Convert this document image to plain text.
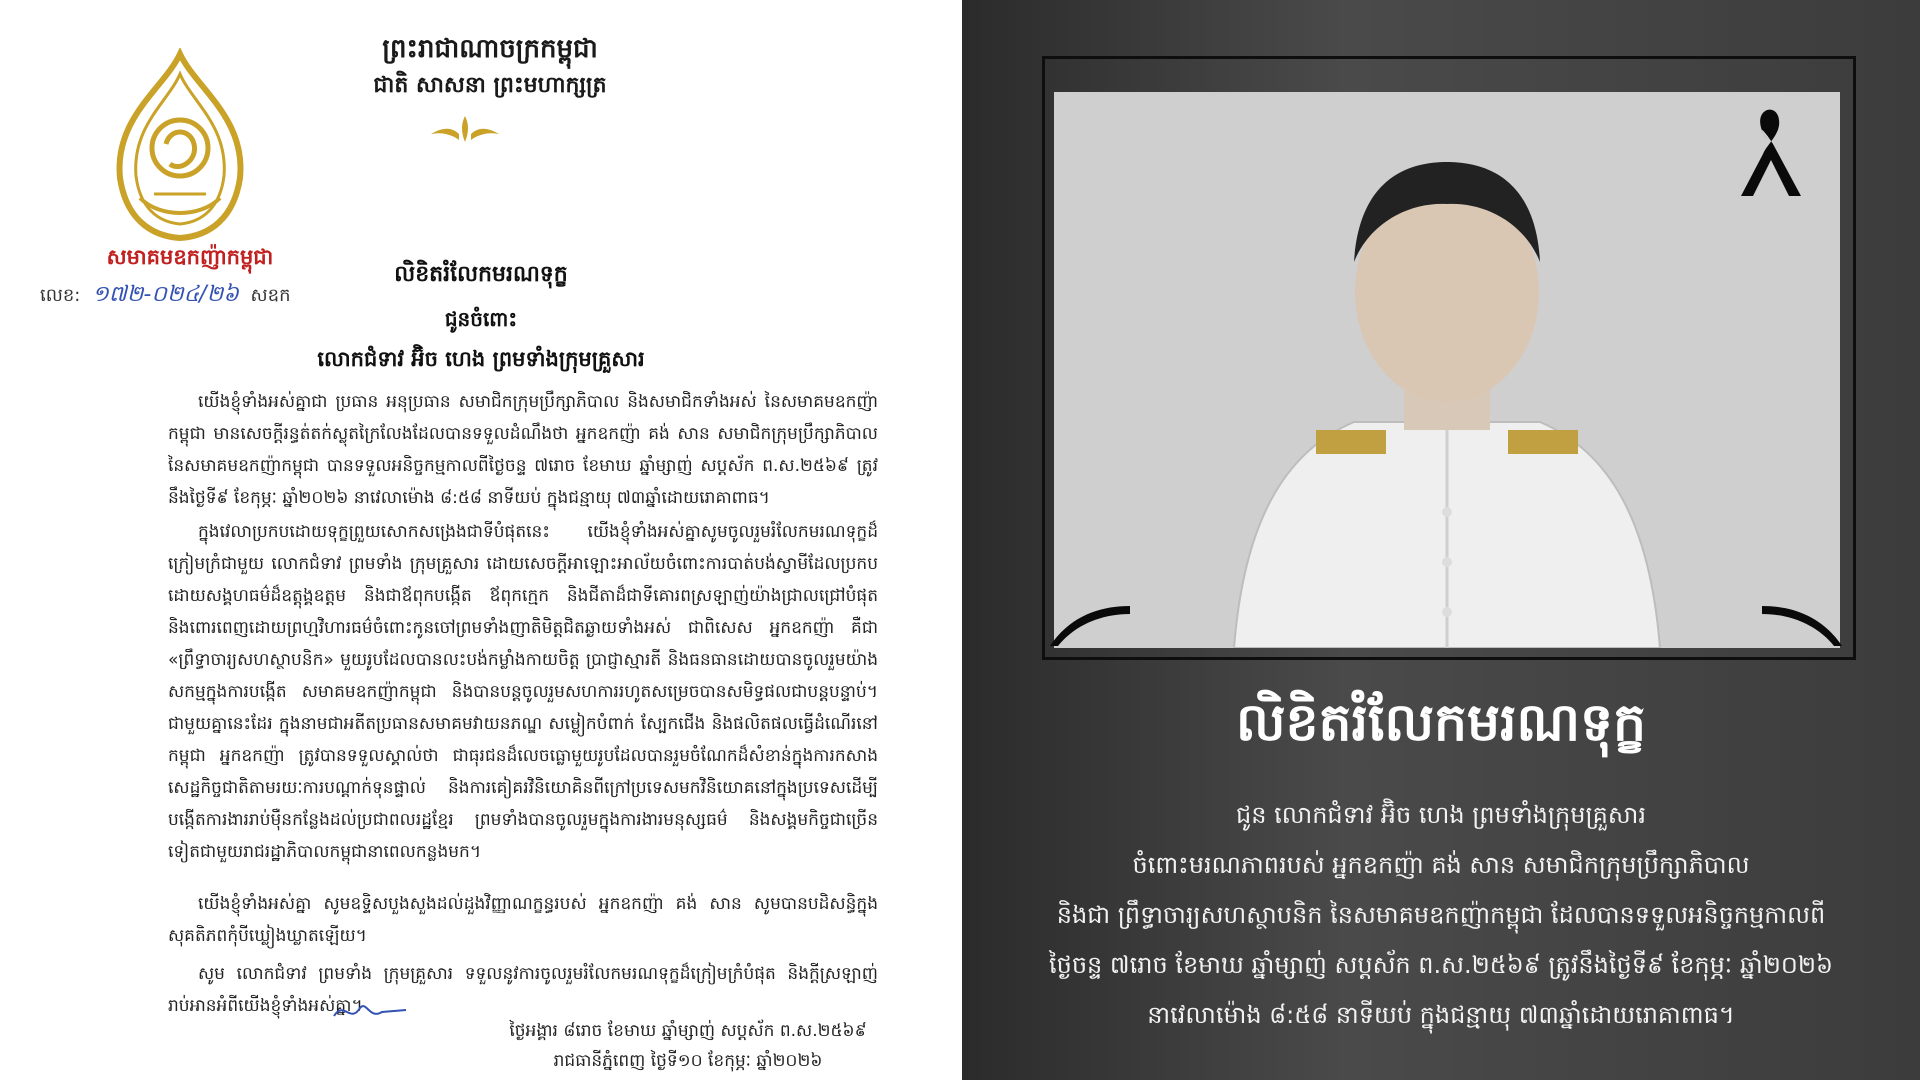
ព្រះរាជាណាចក្រកម្ពុជា
ជាតិ សាសនា ព្រះមហាក្សត្រ
សមាគមឧកញ៉ាកម្ពុជា
លេខ: ១៧២-០២៤/២៦ សឧក
លិខិតរំលែកមរណទុក្ខ
ជូនចំពោះ
លោកជំទាវ អ៊ិច ហេង ព្រមទាំងក្រុមគ្រួសារ
យើងខ្ញុំទាំងអស់គ្នាជា ប្រធាន អនុប្រធាន សមាជិកក្រុមប្រឹក្សាភិបាល និងសមាជិកទាំងអស់ នៃសមាគមឧកញ៉ាកម្ពុជា មានសេចក្តីរន្ធត់តក់ស្លុតក្រៃលែងដែលបានទទួលដំណឹងថា អ្នកឧកញ៉ា គង់ សាន សមាជិកក្រុមប្រឹក្សាភិបាល នៃសមាគមឧកញ៉ាកម្ពុជា បានទទួលអនិច្ចកម្មកាលពីថ្ងៃចន្ទ ៧រោច ខែមាឃ ឆ្នាំម្សាញ់ សប្តស័ក ព.ស.២៥៦៩ ត្រូវនឹងថ្ងៃទី៩ ខែកុម្ភៈ ឆ្នាំ២០២៦ នាវេលាម៉ោង ៨:៥៨ នាទីយប់ ក្នុងជន្មាយុ ៧៣ឆ្នាំដោយរោគាពាធ។
ក្នុងវេលាប្រកបដោយទុក្ខព្រួយសោកសង្រេងជាទីបំផុតនេះ យើងខ្ញុំទាំងអស់គ្នាសូមចូលរួមរំលែកមរណទុក្ខដ៏ក្រៀមក្រំជាមួយ លោកជំទាវ ព្រមទាំង ក្រុមគ្រួសារ ដោយសេចក្តីអាឡោះអាល័យចំពោះការបាត់បង់ស្វាមីដែលប្រកបដោយសង្គហធម៌ដ៏ឧត្តុង្គឧត្តម និងជាឪពុកបង្កើត ឪពុកក្មេក និងជីតាដ៏ជាទីគោរពស្រឡាញ់យ៉ាងជ្រាលជ្រៅបំផុត និងពោរពេញដោយព្រហ្មវិហារធម៌ចំពោះកូនចៅព្រមទាំងញាតិមិត្តជិតឆ្ងាយទាំងអស់ ជាពិសេស អ្នកឧកញ៉ា គឺជា «ព្រឹទ្ធាចារ្យសហស្ថាបនិក» មួយរូបដែលបានលះបង់កម្លាំងកាយចិត្ត ប្រាជ្ញាស្មារតី និងធនធានដោយបានចូលរួមយ៉ាងសកម្មក្នុងការបង្កើត សមាគមឧកញ៉ាកម្ពុជា និងបានបន្តចូលរួមសហការរហូតសម្រេចបានសមិទ្ធផលជាបន្តបន្ទាប់។ ជាមួយគ្នានេះដែរ ក្នុងនាមជាអតីតប្រធានសមាគមវាយនភណ្ឌ សម្លៀកបំពាក់ ស្បែកជើង និងផលិតផលធ្វើដំណើរនៅកម្ពុជា អ្នកឧកញ៉ា ត្រូវបានទទួលស្គាល់ថា ជាធុរជនដ៏លេចធ្លោមួយរូបដែលបានរួមចំណែកដ៏សំខាន់ក្នុងការកសាងសេដ្ឋកិច្ចជាតិតាមរយៈការបណ្តាក់ទុនផ្ទាល់ និងការគៀគរវិនិយោគិនពីក្រៅប្រទេសមកវិនិយោគនៅក្នុងប្រទេសដើម្បីបង្កើតការងាររាប់ម៉ឺនកន្លែងដល់ប្រជាពលរដ្ឋខ្មែរ ព្រមទាំងបានចូលរួមក្នុងការងារមនុស្សធម៌ និងសង្គមកិច្ចជាច្រើនទៀតជាមួយរាជរដ្ឋាភិបាលកម្ពុជានាពេលកន្លងមក។
យើងខ្ញុំទាំងអស់គ្នា សូមឧទ្ទិសបួងសួងដល់ដួងវិញ្ញាណក្ខន្ធរបស់ អ្នកឧកញ៉ា គង់ សាន សូមបានបដិសន្ធិក្នុងសុគតិភពកុំបីឃ្លៀងឃ្លាតឡើយ។
សូម លោកជំទាវ ព្រមទាំង ក្រុមគ្រួសារ ទទួលនូវការចូលរួមរំលែកមរណទុក្ខដ៏ក្រៀមក្រំបំផុត និងក្តីស្រឡាញ់រាប់អានអំពីយើងខ្ញុំទាំងអស់គ្នា។
ថ្ងៃអង្គារ ៨រោច ខែមាឃ ឆ្នាំម្សាញ់ សប្តស័ក ព.ស.២៥៦៩
រាជធានីភ្នំពេញ ថ្ងៃទី១០ ខែកុម្ភៈ ឆ្នាំ២០២៦
លិខិតរំលែកមរណទុក្ខ
ជូន លោកជំទាវ អ៊ិច ហេង ព្រមទាំងក្រុមគ្រួសារ
ចំពោះមរណភាពរបស់ អ្នកឧកញ៉ា គង់ សាន សមាជិកក្រុមប្រឹក្សាភិបាល
និងជា ព្រឹទ្ធាចារ្យសហស្ថាបនិក នៃសមាគមឧកញ៉ាកម្ពុជា ដែលបានទទួលអនិច្ចកម្មកាលពី
ថ្ងៃចន្ទ ៧រោច ខែមាឃ ឆ្នាំម្សាញ់ សប្តស័ក ព.ស.២៥៦៩ ត្រូវនឹងថ្ងៃទី៩ ខែកុម្ភៈ ឆ្នាំ២០២៦
នាវេលាម៉ោង ៨:៥៨ នាទីយប់ ក្នុងជន្មាយុ ៧៣ឆ្នាំដោយរោគាពាធ។
